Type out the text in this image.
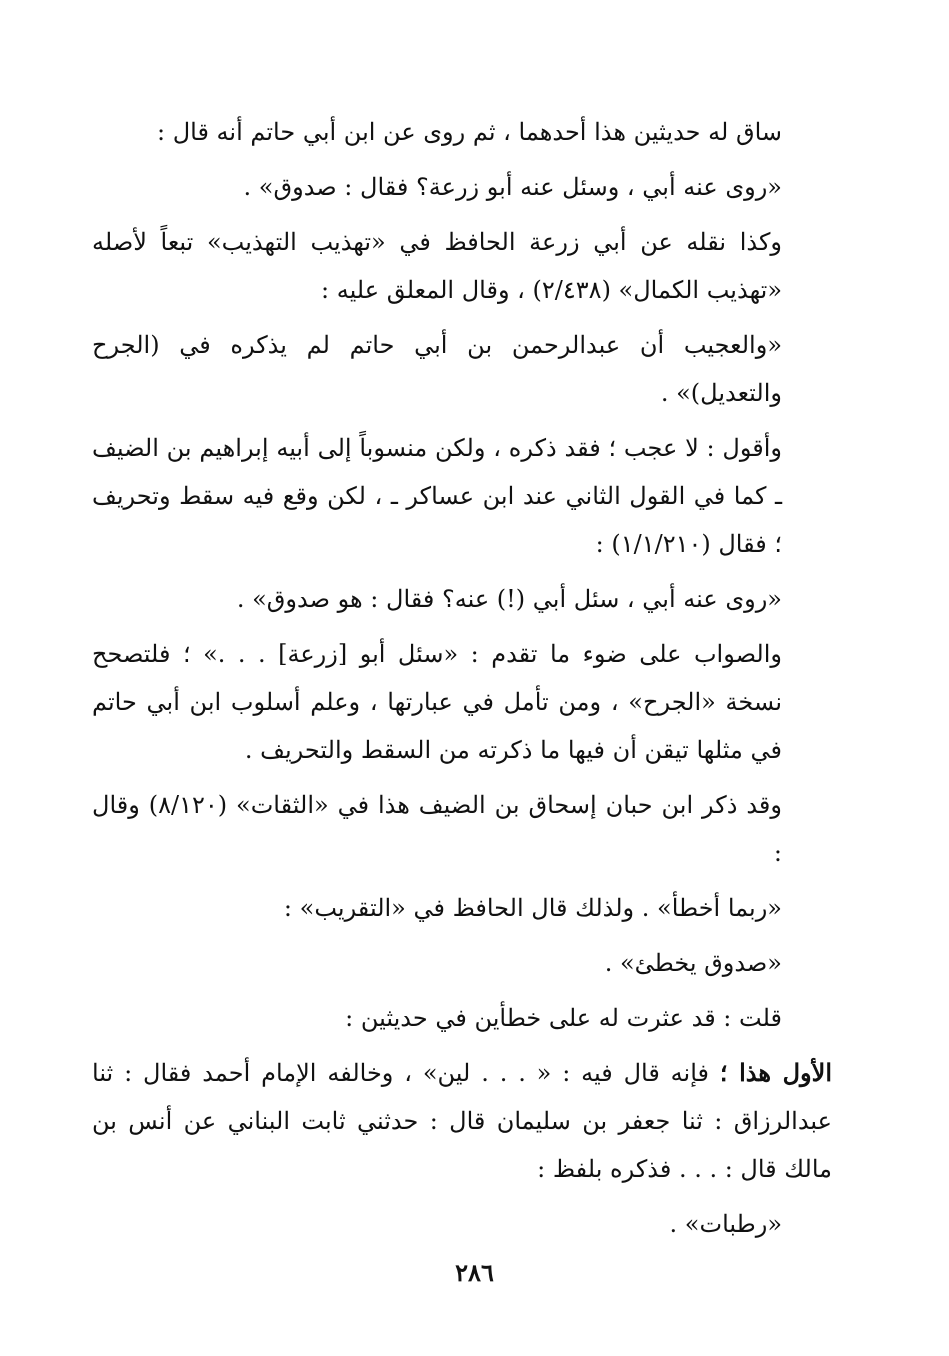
ساق له حديثين هذا أحدهما ، ثم روى عن ابن أبي حاتم أنه قال :

«روى عنه أبي ، وسئل عنه أبو زرعة؟ فقال : صدوق» .

وكذا نقله عن أبي زرعة الحافظ في «تهذيب التهذيب» تبعاً لأصله «تهذيب الكمال» (٢/٤٣٨) ، وقال المعلق عليه :

«والعجيب أن عبدالرحمن بن أبي حاتم لم يذكره في (الجرح والتعديل)» .

وأقول : لا عجب ؛ فقد ذكره ، ولكن منسوباً إلى أبيه إبراهيم بن الضيف ـ كما في القول الثاني عند ابن عساكر ـ ، لكن وقع فيه سقط وتحريف ؛ فقال (١/١/٢١٠) :

«روى عنه أبي ، سئل أبي (!) عنه؟ فقال : هو صدوق» .

والصواب على ضوء ما تقدم : «سئل أبو [زرعة] . . .» ؛ فلتصحح نسخة «الجرح» ، ومن تأمل في عبارتها ، وعلم أسلوب ابن أبي حاتم في مثلها تيقن أن فيها ما ذكرته من السقط والتحريف .

وقد ذكر ابن حبان إسحاق بن الضيف هذا في «الثقات» (٨/١٢٠) وقال :

«ربما أخطأ» . ولذلك قال الحافظ في «التقريب» :

«صدوق يخطئ» .

قلت : قد عثرت له على خطأين في حديثين :

الأول هذا ؛ فإنه قال فيه : « . . . لين» ، وخالفه الإمام أحمد فقال : ثنا عبدالرزاق : ثنا جعفر بن سليمان قال : حدثني ثابت البناني عن أنس بن مالك قال : . . . فذكره بلفظ :

«رطبات» .

٢٨٦
